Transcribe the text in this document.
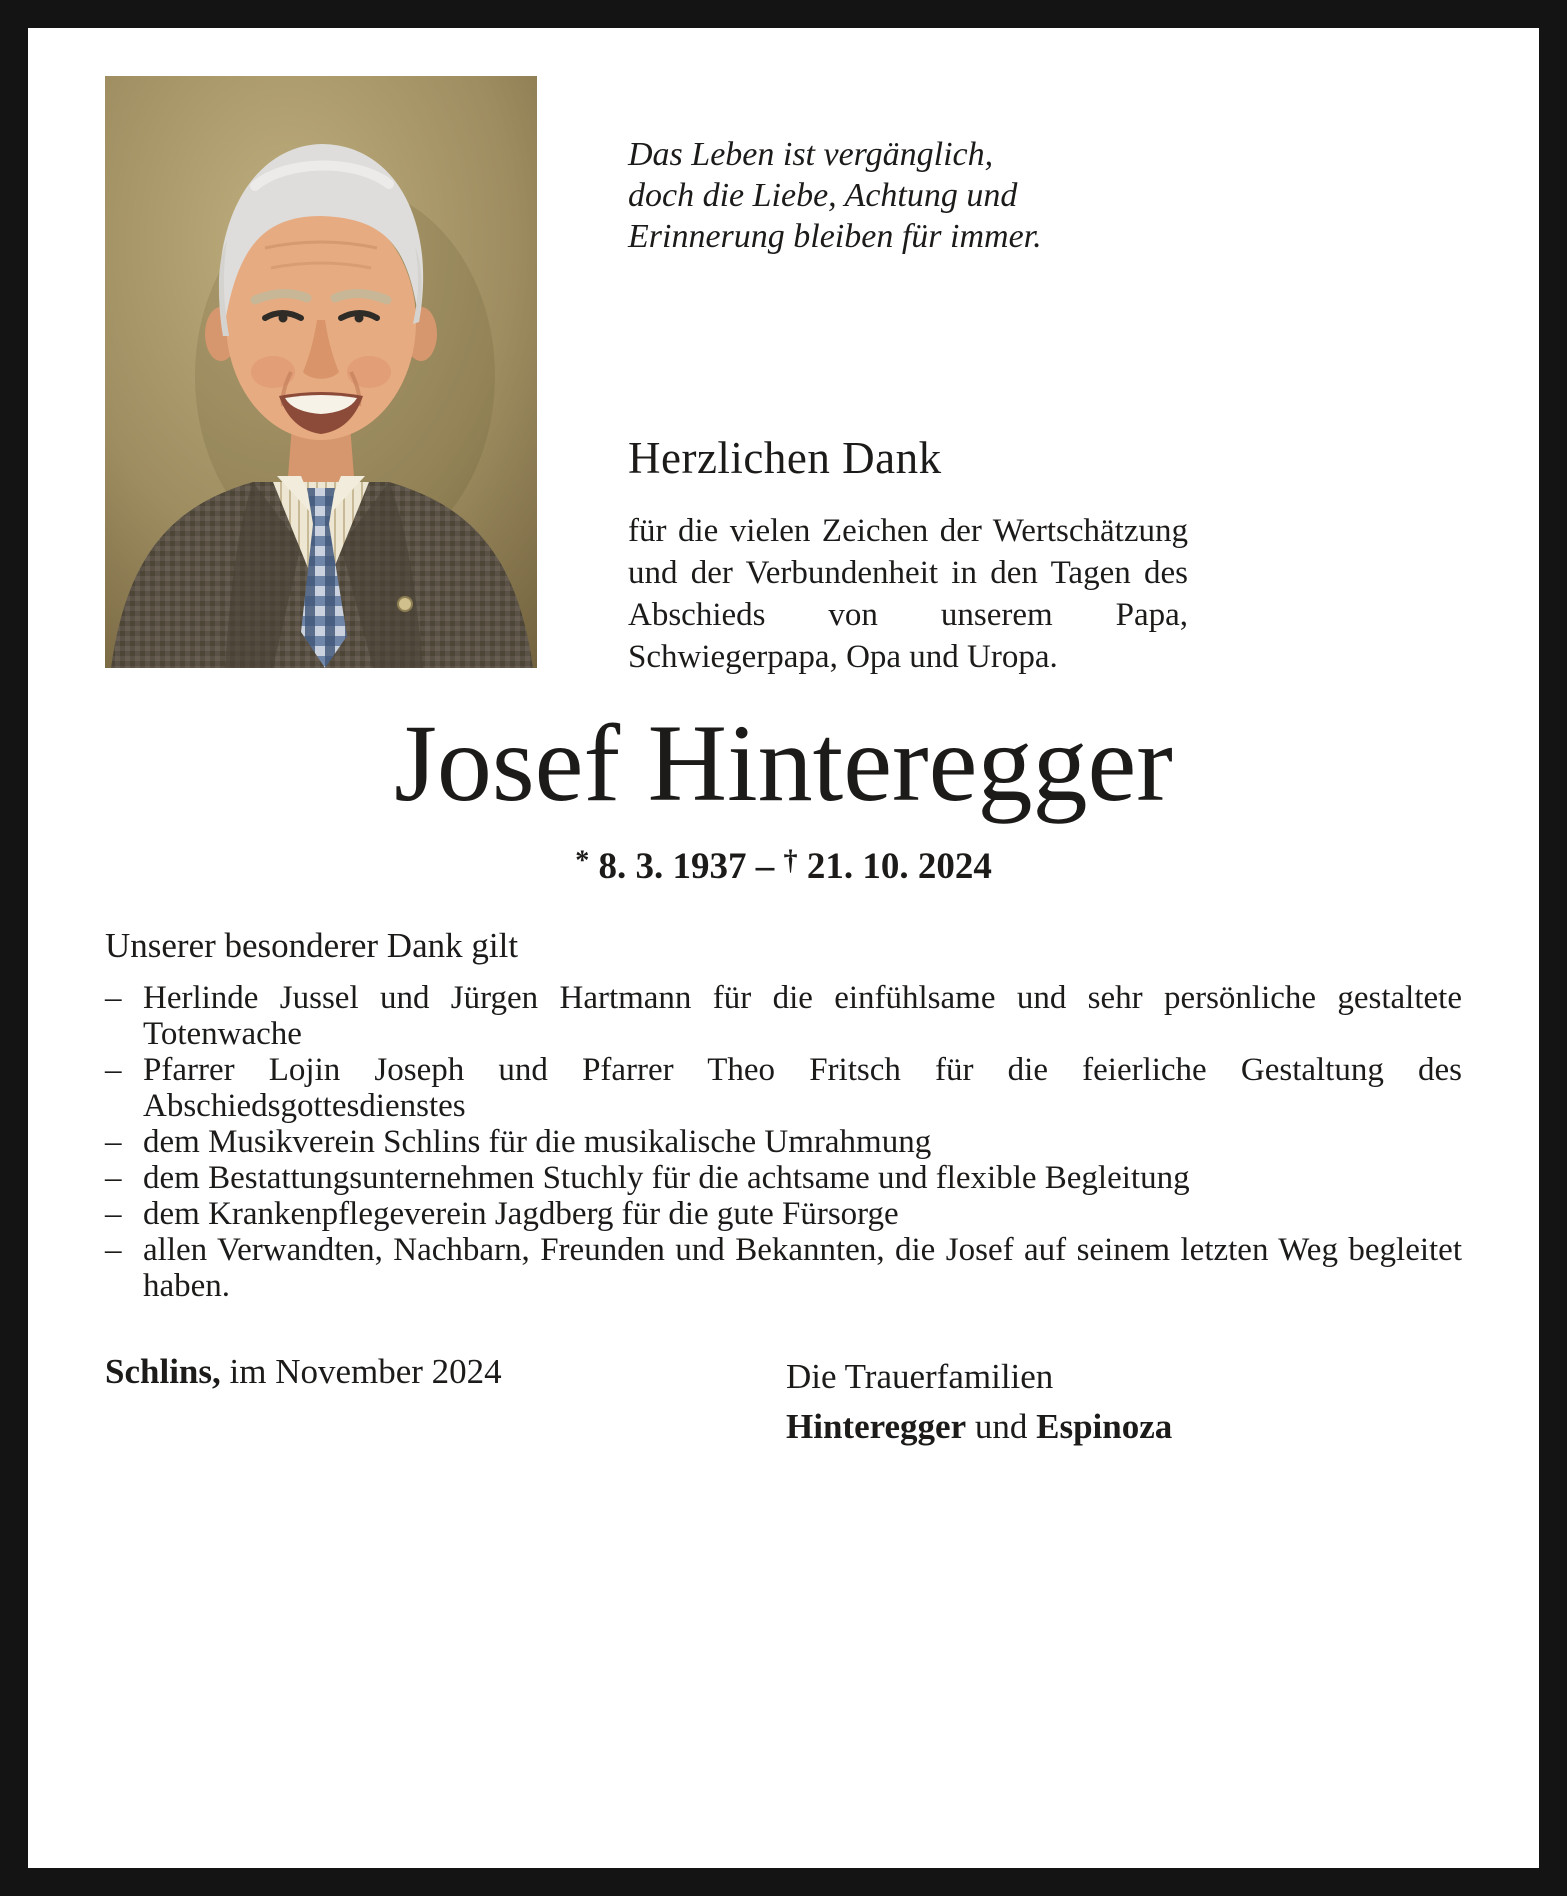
Das Leben ist vergänglich,
doch die Liebe, Achtung und
Erinnerung bleiben für immer.
Herzlichen Dank
für die vielen Zeichen der Wertschätzung und der Verbundenheit in den Tagen des Abschieds von unserem Papa, Schwiegerpapa, Opa und Uropa.
Josef Hinteregger
* 8. 3. 1937 – † 21. 10. 2024
Unserer besonderer Dank gilt
– Herlinde Jussel und Jürgen Hartmann für die einfühlsame und sehr persönliche gestaltete Totenwache
– Pfarrer Lojin Joseph und Pfarrer Theo Fritsch für die feierliche Gestaltung des Abschiedsgottesdienstes
– dem Musikverein Schlins für die musikalische Umrahmung
– dem Bestattungsunternehmen Stuchly für die achtsame und flexible Begleitung
– dem Krankenpflegeverein Jagdberg für die gute Fürsorge
– allen Verwandten, Nachbarn, Freunden und Bekannten, die Josef auf seinem letzten Weg begleitet haben.
Schlins, im November 2024	Die Trauerfamilien
Hinteregger und Espinoza
